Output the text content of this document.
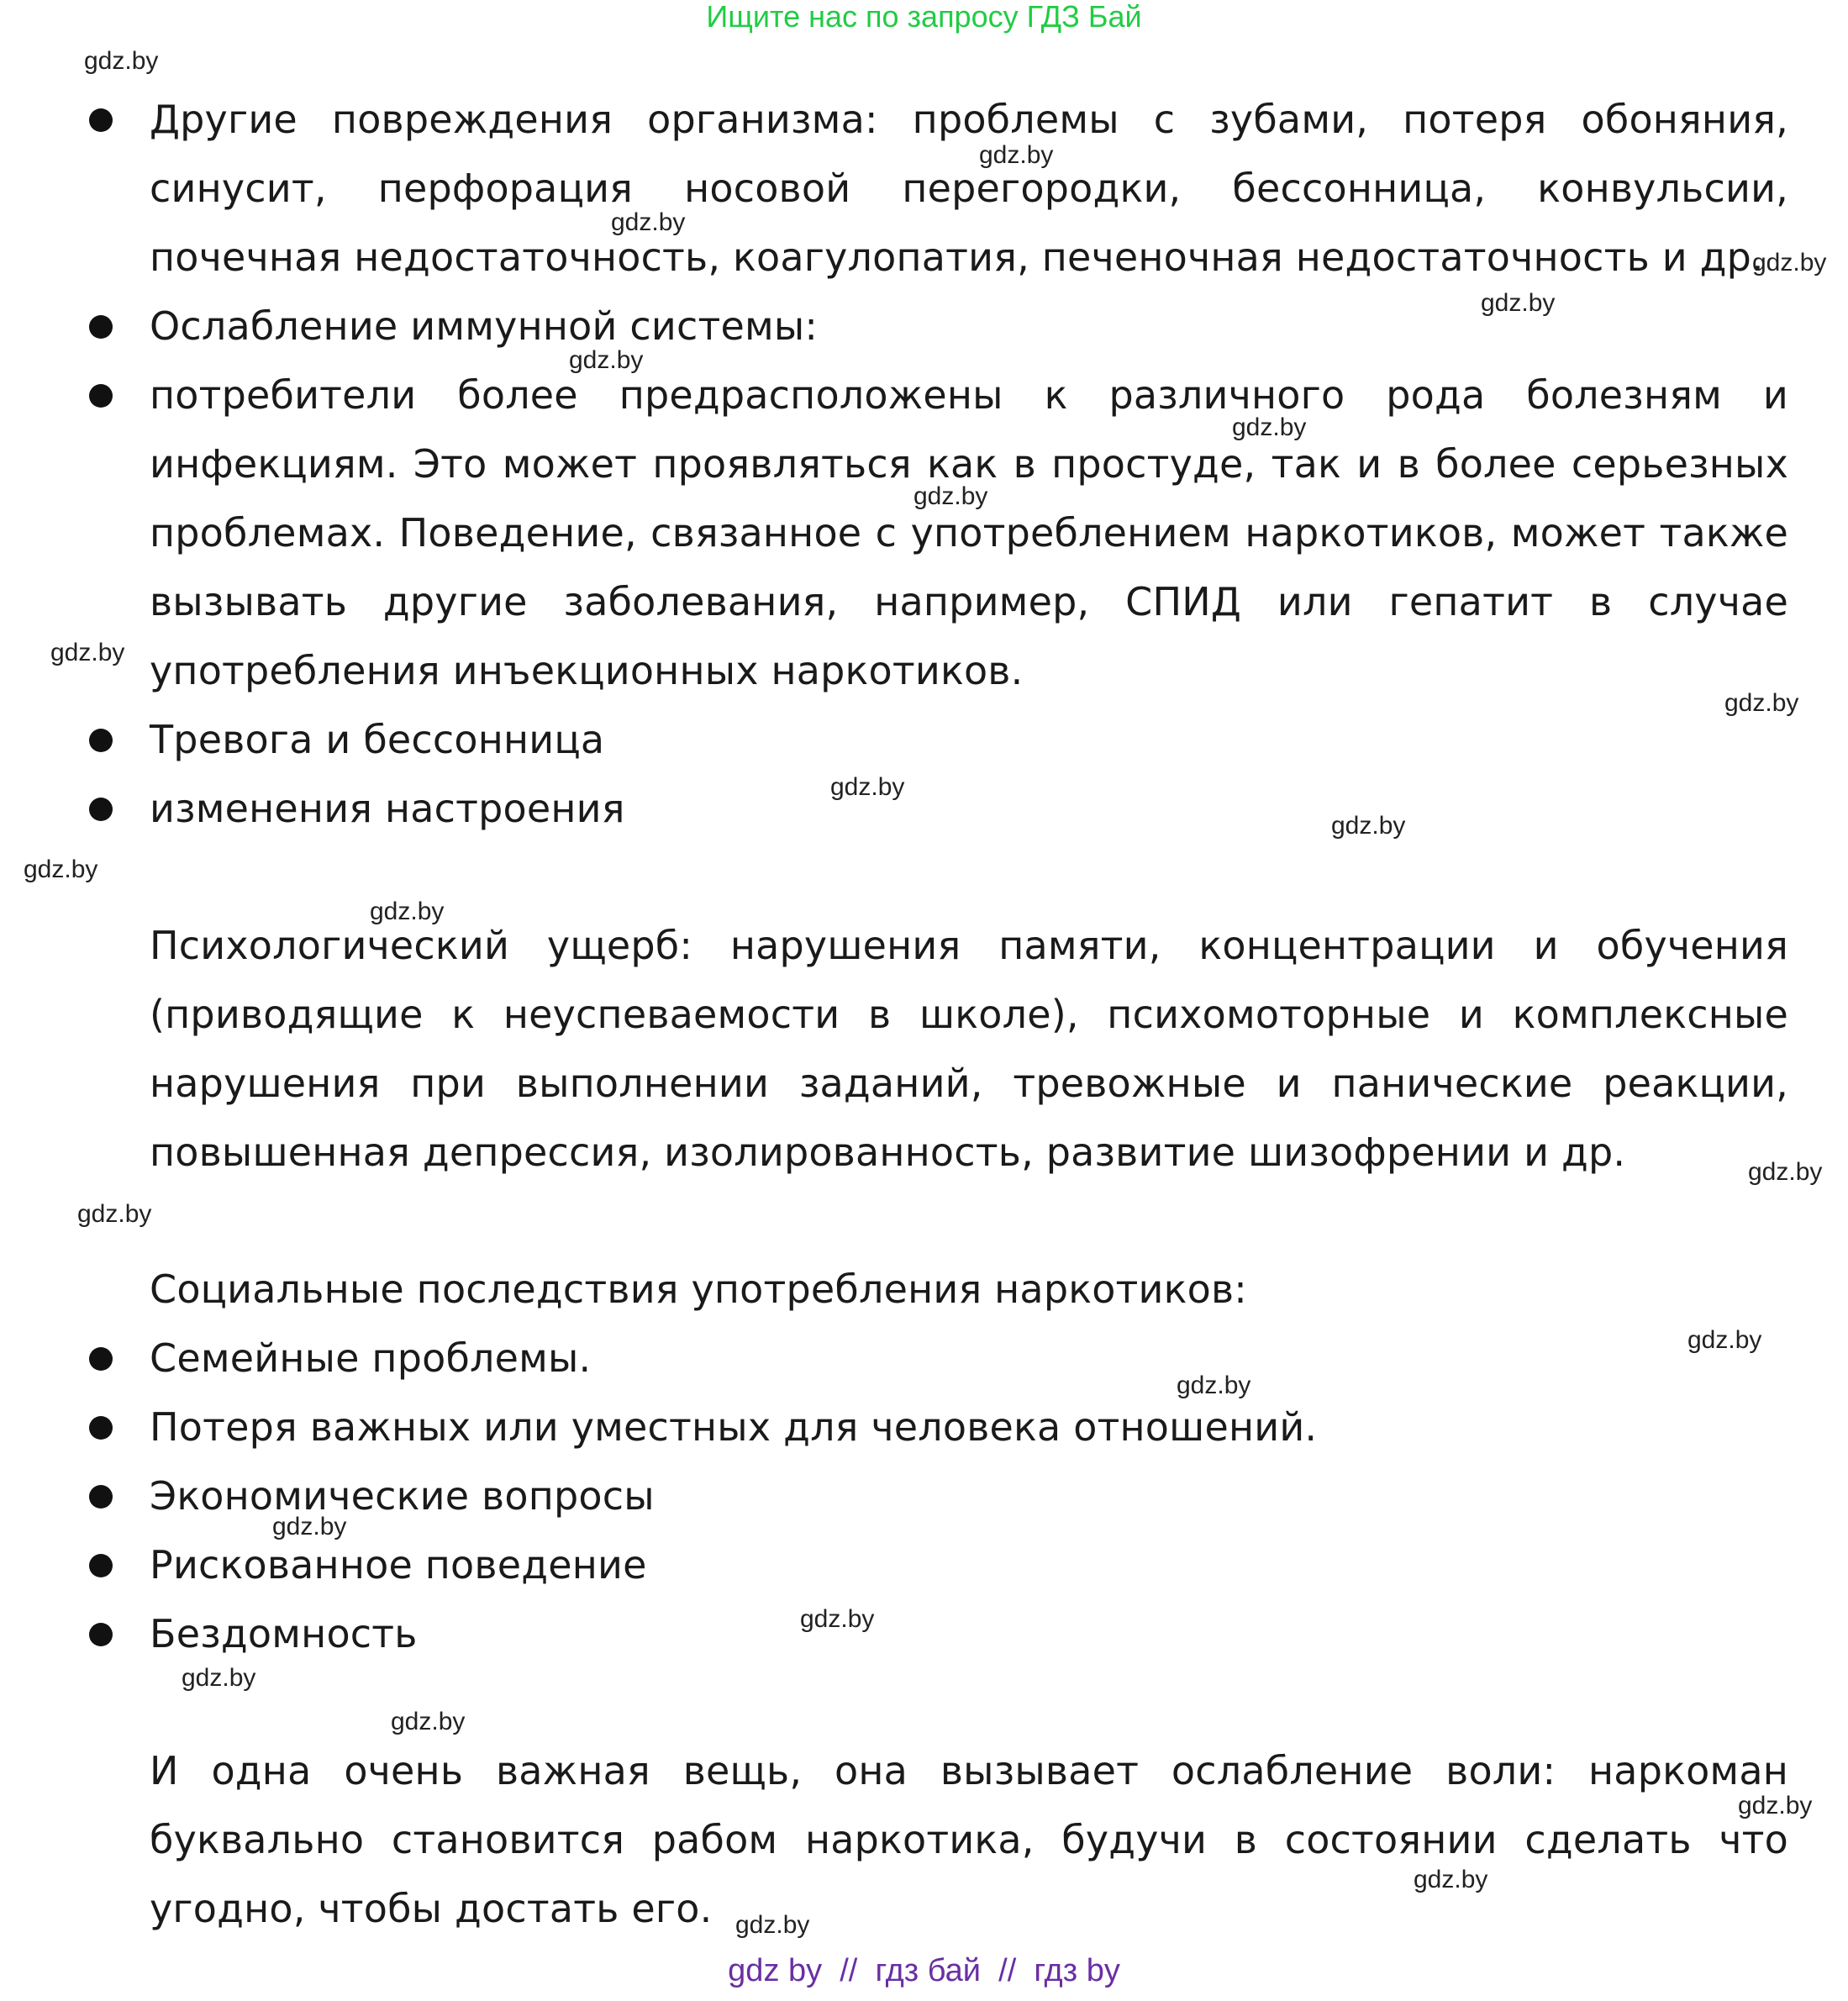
Ищите нас по запросу ГДЗ Бай
Другие повреждения организма: проблемы с зубами, потеря обоняния,
синусит, перфорация носовой перегородки, бессонница, конвульсии,
почечная недостаточность, коагулопатия, печеночная недостаточность и др.
Ослабление иммунной системы:
потребители более предрасположены к различного рода болезням и
инфекциям. Это может проявляться как в простуде, так и в более серьезных
проблемах. Поведение, связанное с употреблением наркотиков, может также
вызывать другие заболевания, например, СПИД или гепатит в случае
употребления инъекционных наркотиков.
Тревога и бессонница
изменения настроения
Психологический ущерб: нарушения памяти, концентрации и обучения
(приводящие к неуспеваемости в школе), психомоторные и комплексные
нарушения при выполнении заданий, тревожные и панические реакции,
повышенная депрессия, изолированность, развитие шизофрении и др.
Социальные последствия употребления наркотиков:
Семейные проблемы.
Потеря важных или уместных для человека отношений.
Экономические вопросы
Рискованное поведение
Бездомность
И одна очень важная вещь, она вызывает ослабление воли: наркоман
буквально становится рабом наркотика, будучи в состоянии сделать что
угодно, чтобы достать его.
gdz.by
gdz.by
gdz.by
gdz.by
gdz.by
gdz.by
gdz.by
gdz.by
gdz.by
gdz.by
gdz.by
gdz.by
gdz.by
gdz.by
gdz.by
gdz.by
gdz.by
gdz.by
gdz.by
gdz.by
gdz.by
gdz.by
gdz.by
gdz.by
gdz.by
gdz by  //  гдз бай  //  гдз by
